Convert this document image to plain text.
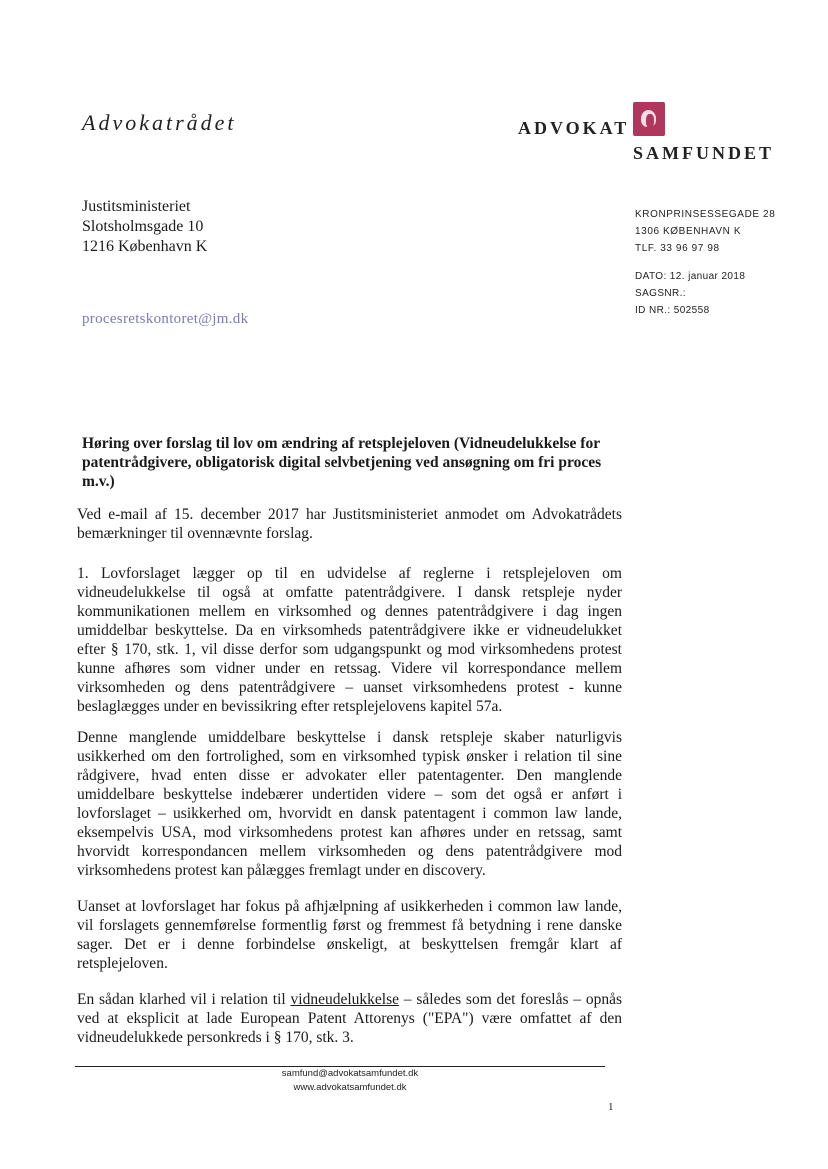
Advokatrådet	ADVOKAT
SAMFUNDET
Justitsministeriet
Slotsholmsgade 10
1216 København K
KRONPRINSESSEGADE 28
1306 KØBENHAVN K
TLF. 33 96 97 98
DATO: 12. januar 2018
SAGSNR.:
ID NR.: 502558
procesretskontoret@jm.dk
Høring over forslag til lov om ændring af retsplejeloven (Vidneudelukkelse for patentrådgivere, obligatorisk digital selvbetjening ved ansøgning om fri proces m.v.)
Ved e-mail af 15. december 2017 har Justitsministeriet anmodet om Advokatrådets bemærkninger til ovennævnte forslag.
1. Lovforslaget lægger op til en udvidelse af reglerne i retsplejeloven om vidneudelukkelse til også at omfatte patentrådgivere. I dansk retspleje nyder kommunikationen mellem en virksomhed og dennes patentrådgivere i dag ingen umiddelbar beskyttelse. Da en virksomheds patentrådgivere ikke er vidneudelukket efter § 170, stk. 1, vil disse derfor som udgangspunkt og mod virksomhedens protest kunne afhøres som vidner under en retssag. Videre vil korrespondance mellem virksomheden og dens patentrådgivere – uanset virksomhedens protest - kunne beslaglægges under en bevissikring efter retsplejelovens kapitel 57a.
Denne manglende umiddelbare beskyttelse i dansk retspleje skaber naturligvis usikkerhed om den fortrolighed, som en virksomhed typisk ønsker i relation til sine rådgivere, hvad enten disse er advokater eller patentagenter. Den manglende umiddelbare beskyttelse indebærer undertiden videre – som det også er anført i lovforslaget – usikkerhed om, hvorvidt en dansk patentagent i common law lande, eksempelvis USA, mod virksomhedens protest kan afhøres under en retssag, samt hvorvidt korrespondancen mellem virksomheden og dens patentrådgivere mod virksomhedens protest kan pålægges fremlagt under en discovery.
Uanset at lovforslaget har fokus på afhjælpning af usikkerheden i common law lande, vil forslagets gennemførelse formentlig først og fremmest få betydning i rene danske sager. Det er i denne forbindelse ønskeligt, at beskyttelsen fremgår klart af retsplejeloven.
En sådan klarhed vil i relation til vidneudelukkelse – således som det foreslås – opnås ved at eksplicit at lade European Patent Attorenys ("EPA") være omfattet af den vidneudelukkede personkreds i § 170, stk. 3.
samfund@advokatsamfundet.dk
www.advokatsamfundet.dk
1
